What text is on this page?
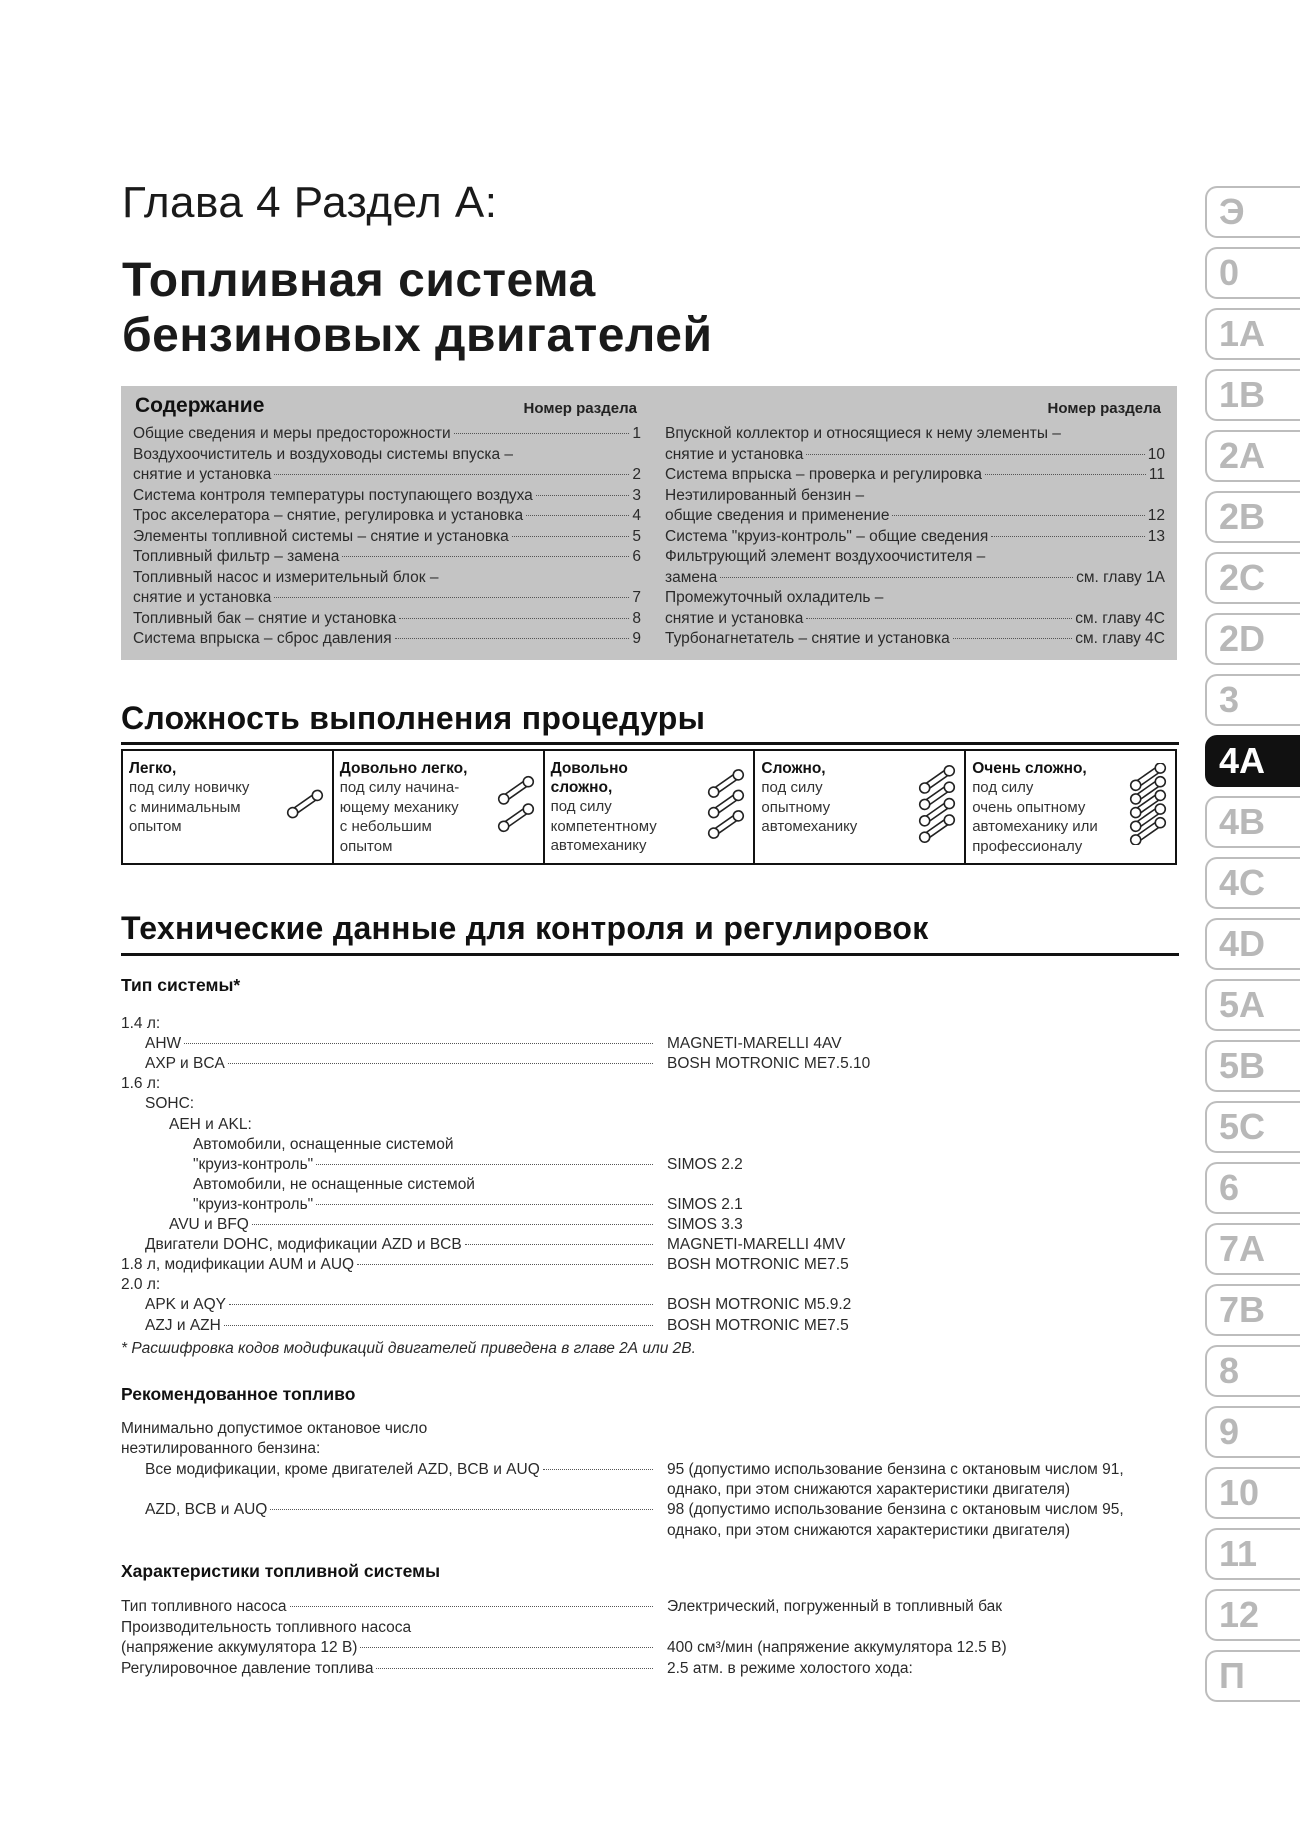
Глава 4 Раздел А:
Топливная система
бензиновых двигателей
Содержание	Номер раздела
Общие сведения и меры предосторожности	1
Воздухоочиститель и воздуховоды системы впуска –
снятие и установка	2
Система контроля температуры поступающего воздуха	3
Трос акселератора – снятие, регулировка и установка	4
Элементы топливной системы – снятие и установка	5
Топливный фильтр – замена	6
Топливный насос и измерительный блок –
снятие и установка	7
Топливный бак – снятие и установка	8
Система впрыска – сброс давления	9
Номер раздела
Впускной коллектор и относящиеся к нему элементы –
снятие и установка	10
Система впрыска – проверка и регулировка	11
Неэтилированный бензин –
общие сведения и применение	12
Система "круиз-контроль" – общие сведения	13
Фильтрующий элемент воздухоочистителя –
замена	см. главу 1А
Промежуточный охладитель –
снятие и установка	см. главу 4С
Турбонагнетатель – снятие и установка	см. главу 4С
Сложность выполнения процедуры
Легко,
под силу новичку
с минимальным
опытом
Довольно легко,
под силу начина-
ющему механику
с небольшим
опытом
Довольно
сложно,
под силу
компетентному
автомеханику
Сложно,
под силу
опытному
автомеханику
Очень сложно,
под силу
очень опытному
автомеханику или
профессионалу
Технические данные для контроля и регулировок
Тип системы*
1.4 л:
AHW	MAGNETI-MARELLI 4AV
AXP и BCA	BOSH MOTRONIC ME7.5.10
1.6 л:
SOHC:
AEH и AKL:
Автомобили, оснащенные системой
"круиз-контроль"	SIMOS 2.2
Автомобили, не оснащенные системой
"круиз-контроль"	SIMOS 2.1
AVU и BFQ	SIMOS 3.3
Двигатели DOHC, модификации AZD и BCB	MAGNETI-MARELLI 4MV
1.8 л, модификации AUM и AUQ	BOSH MOTRONIC ME7.5
2.0 л:
APK и AQY	BOSH MOTRONIC M5.9.2
AZJ и AZH	BOSH MOTRONIC ME7.5
* Расшифровка кодов модификаций двигателей приведена в главе 2А или 2В.
Рекомендованное топливо
Минимально допустимое октановое число
неэтилированного бензина:
Все модификации, кроме двигателей AZD, BCB и AUQ	95 (допустимо использование бензина с октановым числом 91,
однако, при этом снижаются характеристики двигателя)
AZD, BCB и AUQ	98 (допустимо использование бензина с октановым числом 95,
однако, при этом снижаются характеристики двигателя)
Характеристики топливной системы
Тип топливного насоса	Электрический, погруженный в топливный бак
Производительность топливного насоса
(напряжение аккумулятора 12 В)	400 см³/мин (напряжение аккумулятора 12.5 В)
Регулировочное давление топлива	2.5 атм. в режиме холостого хода:
Э
0
1A
1B
2A
2B
2C
2D
3
4A
4B
4C
4D
5A
5B
5C
6
7A
7B
8
9
10
11
12
П
